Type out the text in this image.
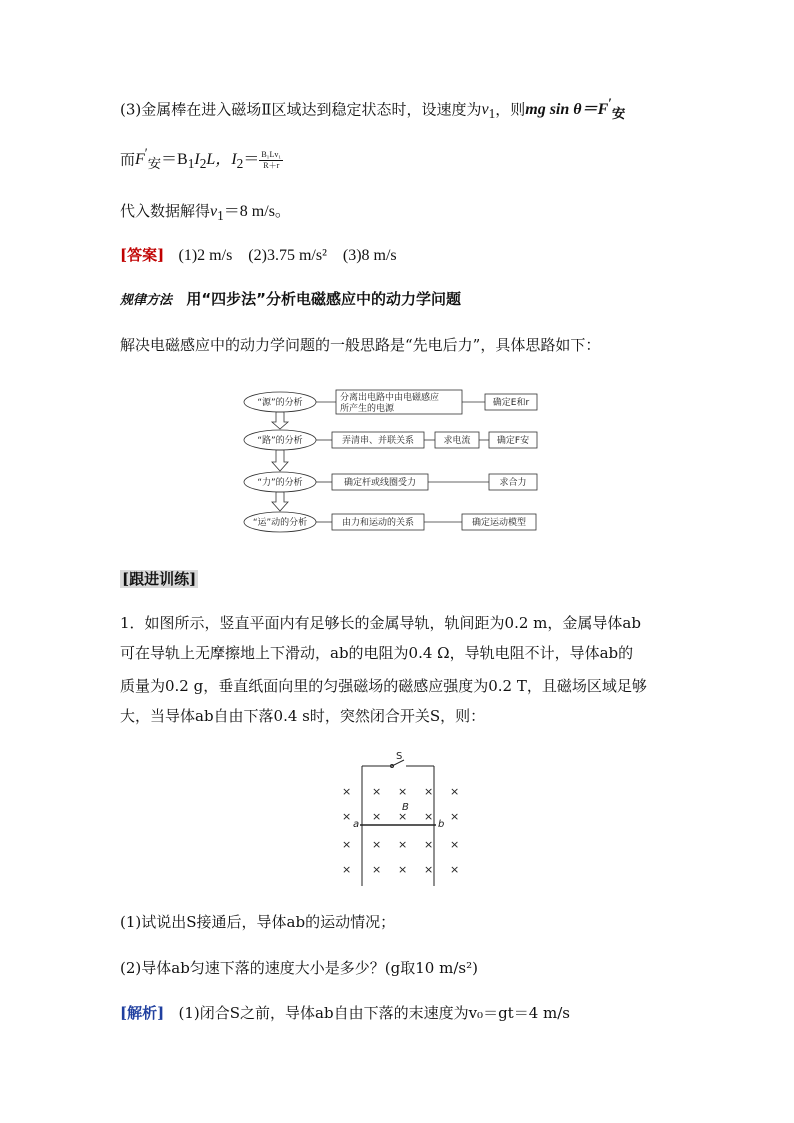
(3)金属棒在进入磁场Ⅱ区域达到稳定状态时，设速度为$v_1$，则mg $\sin \theta=F'_安$
而$F'_安=B_1I_2L$，$I_2= \frac{\text{B₁Lv₁}}{R+r}$
代入数据解得$v_1=8$ m/s。
[答案] (1)2 m/s　(2)3.75 m/s²　(3)8 m/s
规律方法 用“四步法”分析电磁感应中的动力学问题
解决电磁感应中的动力学问题的一般思路是“先电后力”，具体思路如下：
“源”的分析
“路”的分析
“力”的分析
“运”动的分析
分离出电路中由电磁感应
所产生的电源
确定E和r
弄清串、并联关系	求电流	确定F安
确定杆或线圈受力	求合力
由力和运动的关系	确定运动模型
[跟进训练]
1．如图所示，竖直平面内有足够长的金属导轨，轨间距为0.2 m，金属导体ab
可在导轨上无摩擦地上下滑动，ab的电阻为0.4 Ω，导轨电阻不计，导体ab的
质量为0.2 g，垂直纸面向里的匀强磁场的磁感应强度为0.2 T，且磁场区域足够
大，当导体ab自由下落0.4 s时，突然闭合开关S，则：
S
B
a	b
× × × × ×
× × × × ×
× × × × ×
× × × × ×
(1)试说出S接通后，导体ab的运动情况；
(2)导体ab匀速下落的速度大小是多少？(g取10 m/s²)
[解析] (1)闭合S之前，导体ab自由下落的末速度为v₀＝gt＝4 m/s
